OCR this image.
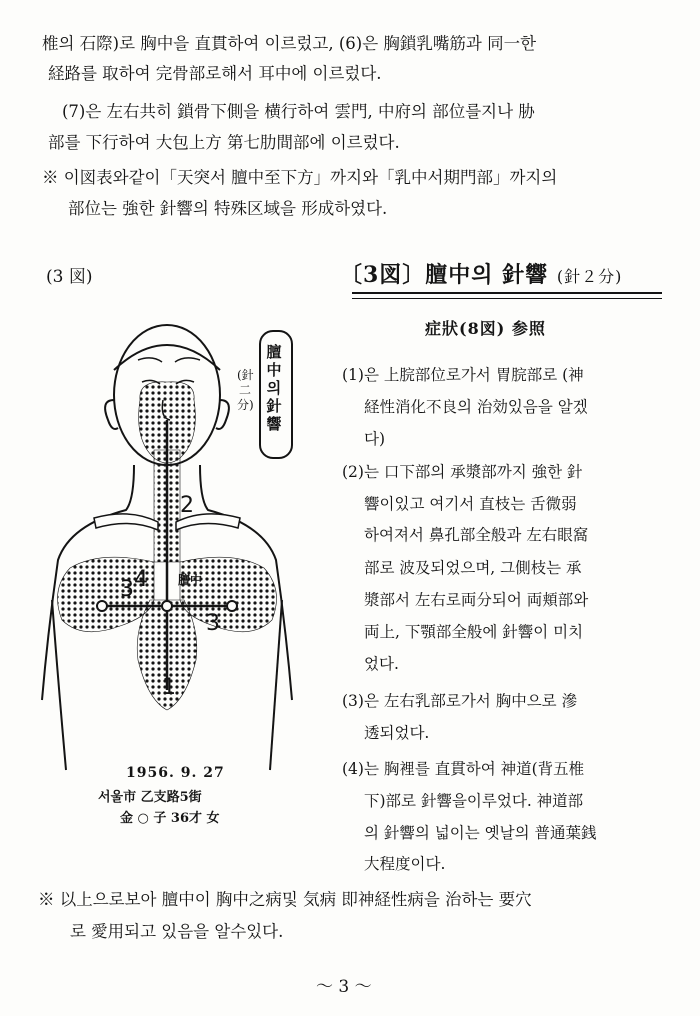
椎의 石際)로 胸中을 直貫하여 이르렀고, (6)은 胸鎖乳嘴筋과 同一한
経路를 取하여 完骨部로해서 耳中에 이르렀다.
(7)은 左右共히 鎖骨下側을 横行하여 雲門, 中府의 部位를지나 胁
部를 下行하여 大包上方 第七肋間部에 이르렀다.
※ 이図表와같이「天突서 膻中至下方」까지와「乳中서期門部」까지의
部位는 強한 針響의 特殊区域을 形成하였다.
(3 図)	〔3図〕膻中의 針響 (針２分)
症狀(8図) 参照
1
2
3
3
4	膻中
膻中의針響
(針二分)
1956. 9. 27
서울市 乙支路5街
金 ○ 子 36才 女
(1)은 上脘部位로가서 胃脘部로 (神
経性消化不良의 治効있음을 알겠
다)
(2)는 口下部의 承漿部까지 強한 針
響이있고 여기서 直枝는 舌微弱
하여져서 鼻孔部全般과 左右眼窩
部로 波及되었으며, 그側枝는 承
漿部서 左右로両分되어 両頬部와
両上, 下顎部全般에 針響이 미치
었다.
(3)은 左右乳部로가서 胸中으로 滲
透되었다.
(4)는 胸裡를 直貫하여 神道(背五椎
下)部로 針響을이루었다. 神道部
의 針響의 넓이는 옛날의 普通葉銭
大程度이다.
※ 以上으로보아 膻中이 胸中之病및 気病 即神経性病을 治하는 要穴
로 愛用되고 있음을 알수있다.
～ 3 ～
